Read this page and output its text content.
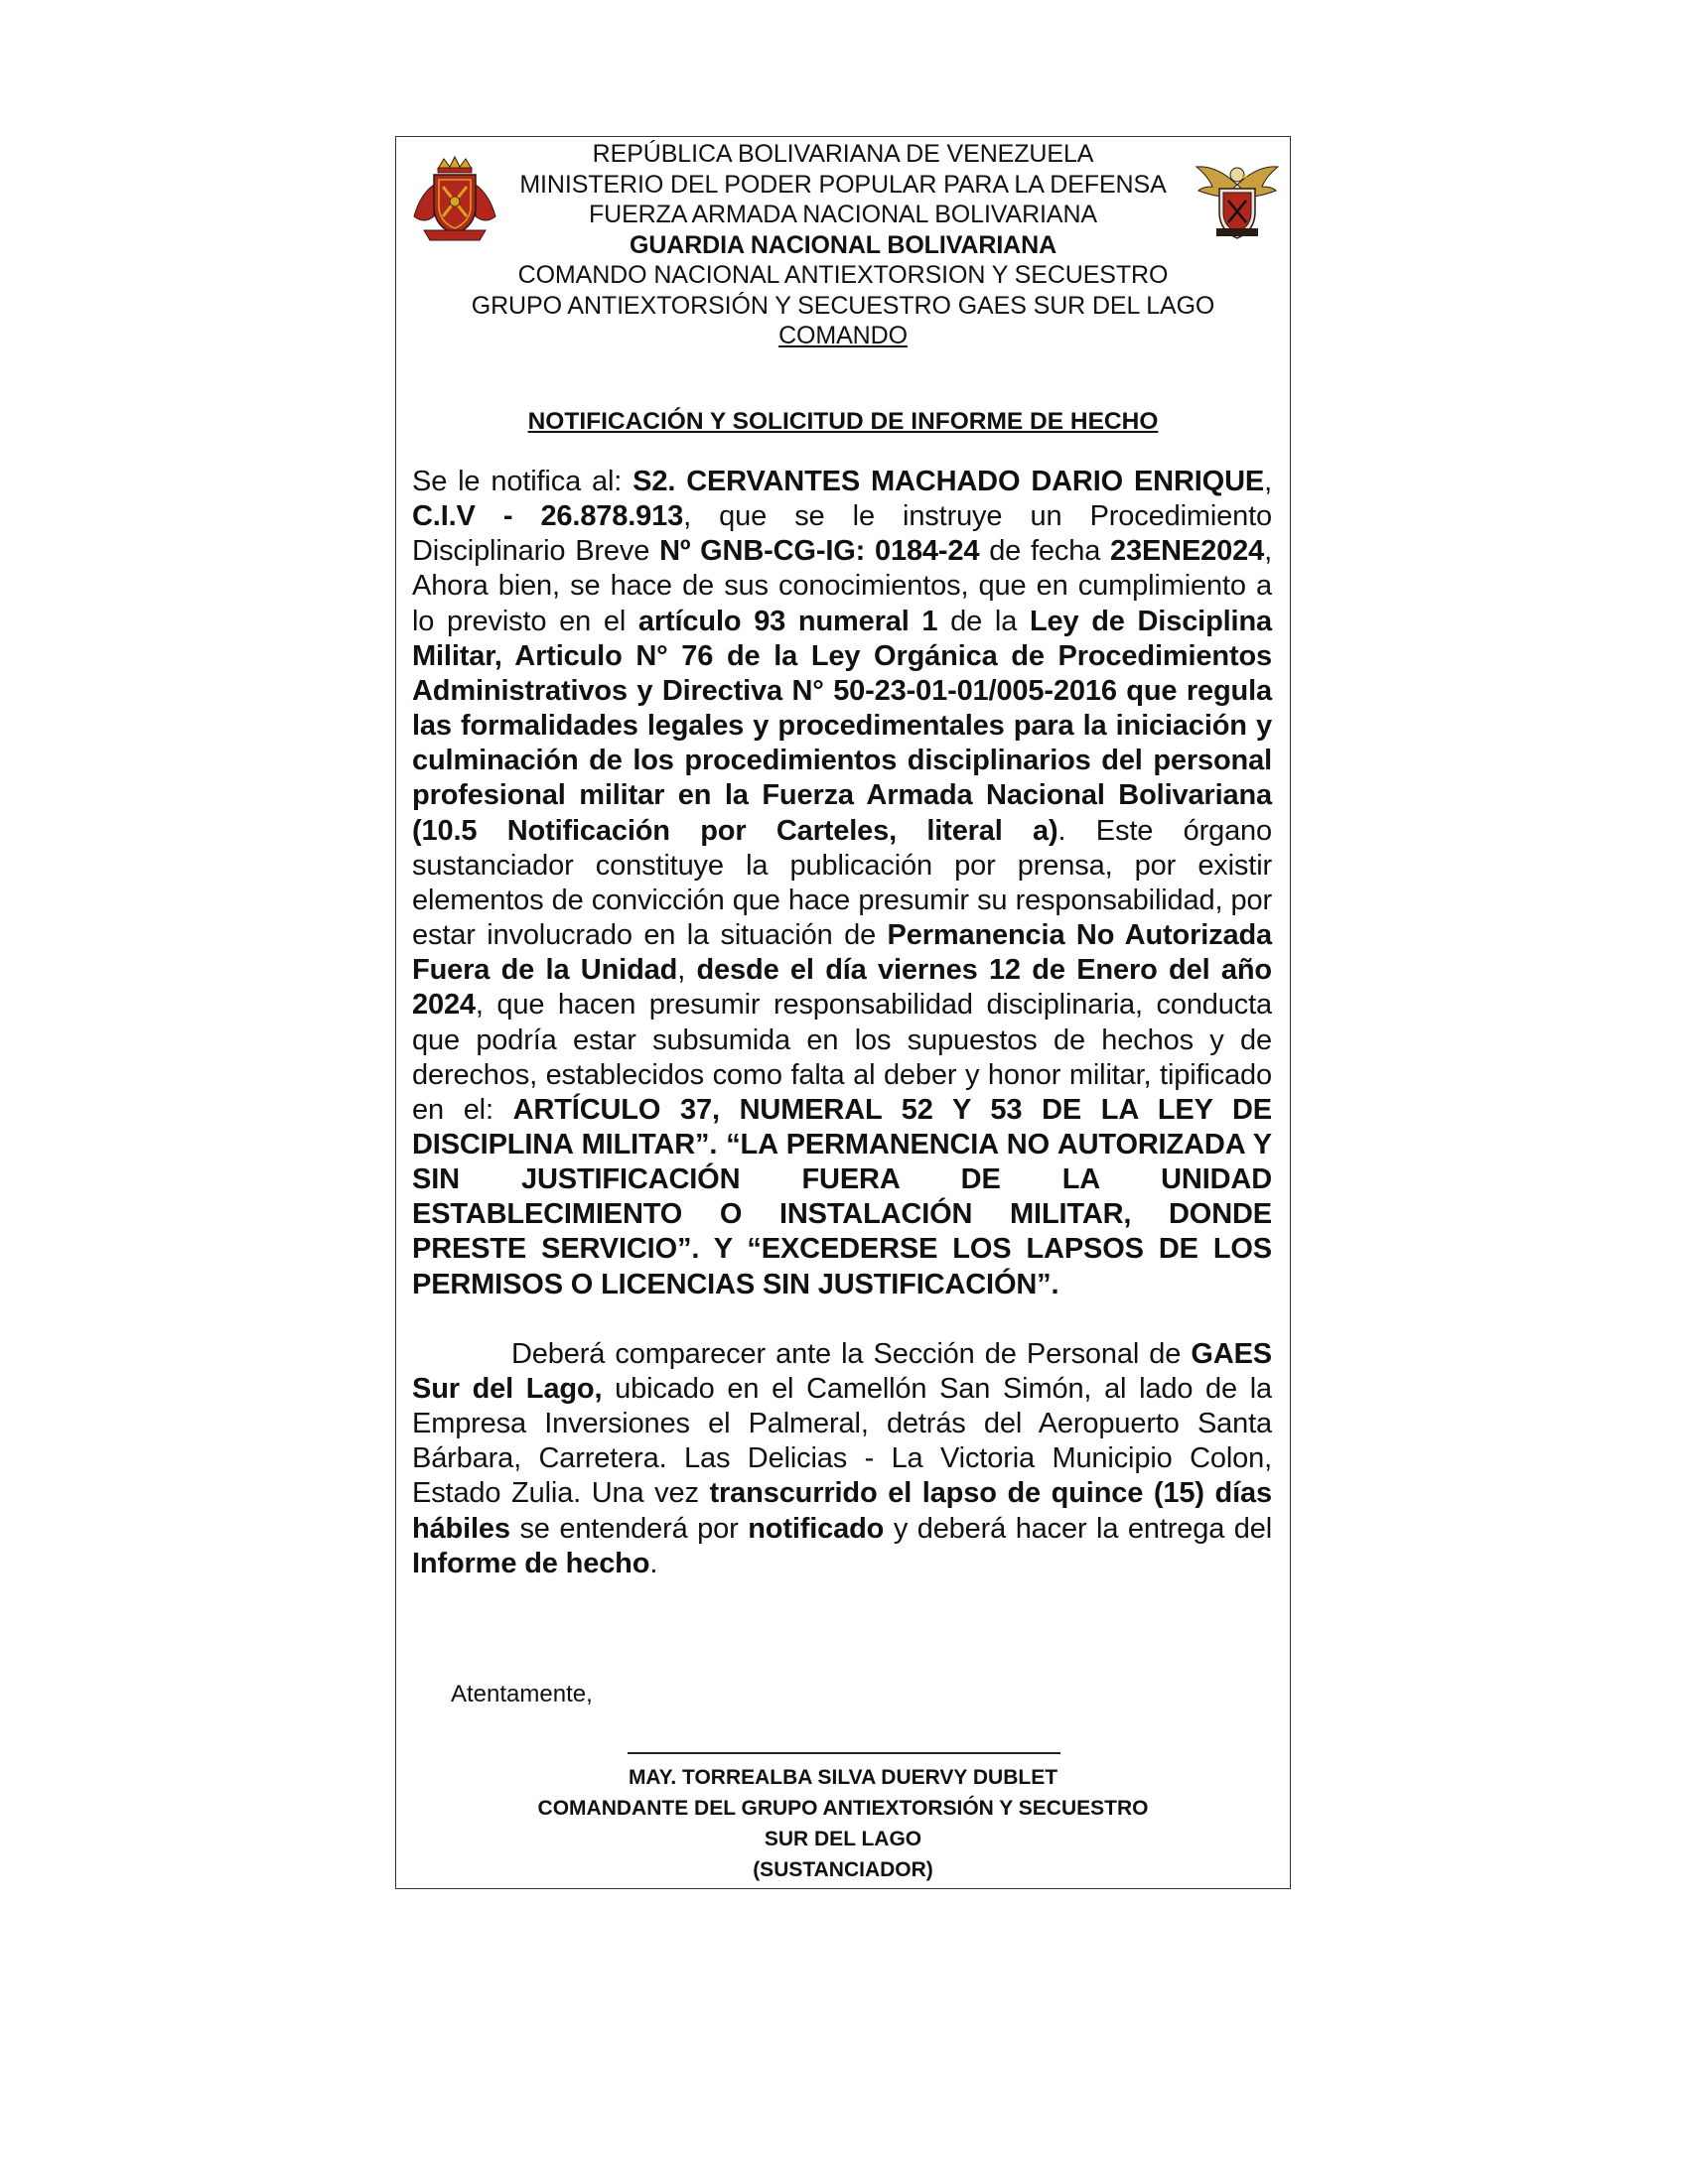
REPÚBLICA BOLIVARIANA DE VENEZUELA
MINISTERIO DEL PODER POPULAR PARA LA DEFENSA
FUERZA ARMADA NACIONAL BOLIVARIANA
GUARDIA NACIONAL BOLIVARIANA
COMANDO NACIONAL ANTIEXTORSION Y SECUESTRO
GRUPO ANTIEXTORSIÓN Y SECUESTRO GAES SUR DEL LAGO
COMANDO
NOTIFICACIÓN Y SOLICITUD DE INFORME DE HECHO

Se le notifica al: S2. CERVANTES MACHADO DARIO ENRIQUE, C.I.V - 26.878.913, que se le instruye un Procedimiento Disciplinario Breve Nº GNB-CG-IG: 0184-24 de fecha 23ENE2024, Ahora bien, se hace de sus conocimientos, que en cumplimiento a lo previsto en el artículo 93 numeral 1 de la Ley de Disciplina Militar, Articulo N° 76 de la Ley Orgánica de Procedimientos Administrativos y Directiva N° 50-23-01-01/005-2016 que regula las formalidades legales y procedimentales para la iniciación y culminación de los procedimientos disciplinarios del personal profesional militar en la Fuerza Armada Nacional Bolivariana (10.5 Notificación por Carteles, literal a). Este órgano sustanciador constituye la publicación por prensa, por existir elementos de convicción que hace presumir su responsabilidad, por estar involucrado en la situación de Permanencia No Autorizada Fuera de la Unidad, desde el día viernes 12 de Enero del año 2024, que hacen presumir responsabilidad disciplinaria, conducta que podría estar subsumida en los supuestos de hechos y de derechos, establecidos como falta al deber y honor militar, tipificado en el: ARTÍCULO 37, NUMERAL 52 Y 53 DE LA LEY DE DISCIPLINA MILITAR”. “LA PERMANENCIA NO AUTORIZADA Y SIN JUSTIFICACIÓN FUERA DE LA UNIDAD ESTABLECIMIENTO O INSTALACIÓN MILITAR, DONDE PRESTE SERVICIO”. Y “EXCEDERSE LOS LAPSOS DE LOS PERMISOS O LICENCIAS SIN JUSTIFICACIÓN”.

Deberá comparecer ante la Sección de Personal de GAES Sur del Lago, ubicado en el Camellón San Simón, al lado de la Empresa Inversiones el Palmeral, detrás del Aeropuerto Santa Bárbara, Carretera. Las Delicias - La Victoria Municipio Colon, Estado Zulia. Una vez transcurrido el lapso de quince (15) días hábiles se entenderá por notificado y deberá hacer la entrega del Informe de hecho.

Atentamente,
MAY. TORREALBA SILVA DUERVY DUBLET
COMANDANTE DEL GRUPO ANTIEXTORSIÓN Y SECUESTRO
SUR DEL LAGO
(SUSTANCIADOR)
